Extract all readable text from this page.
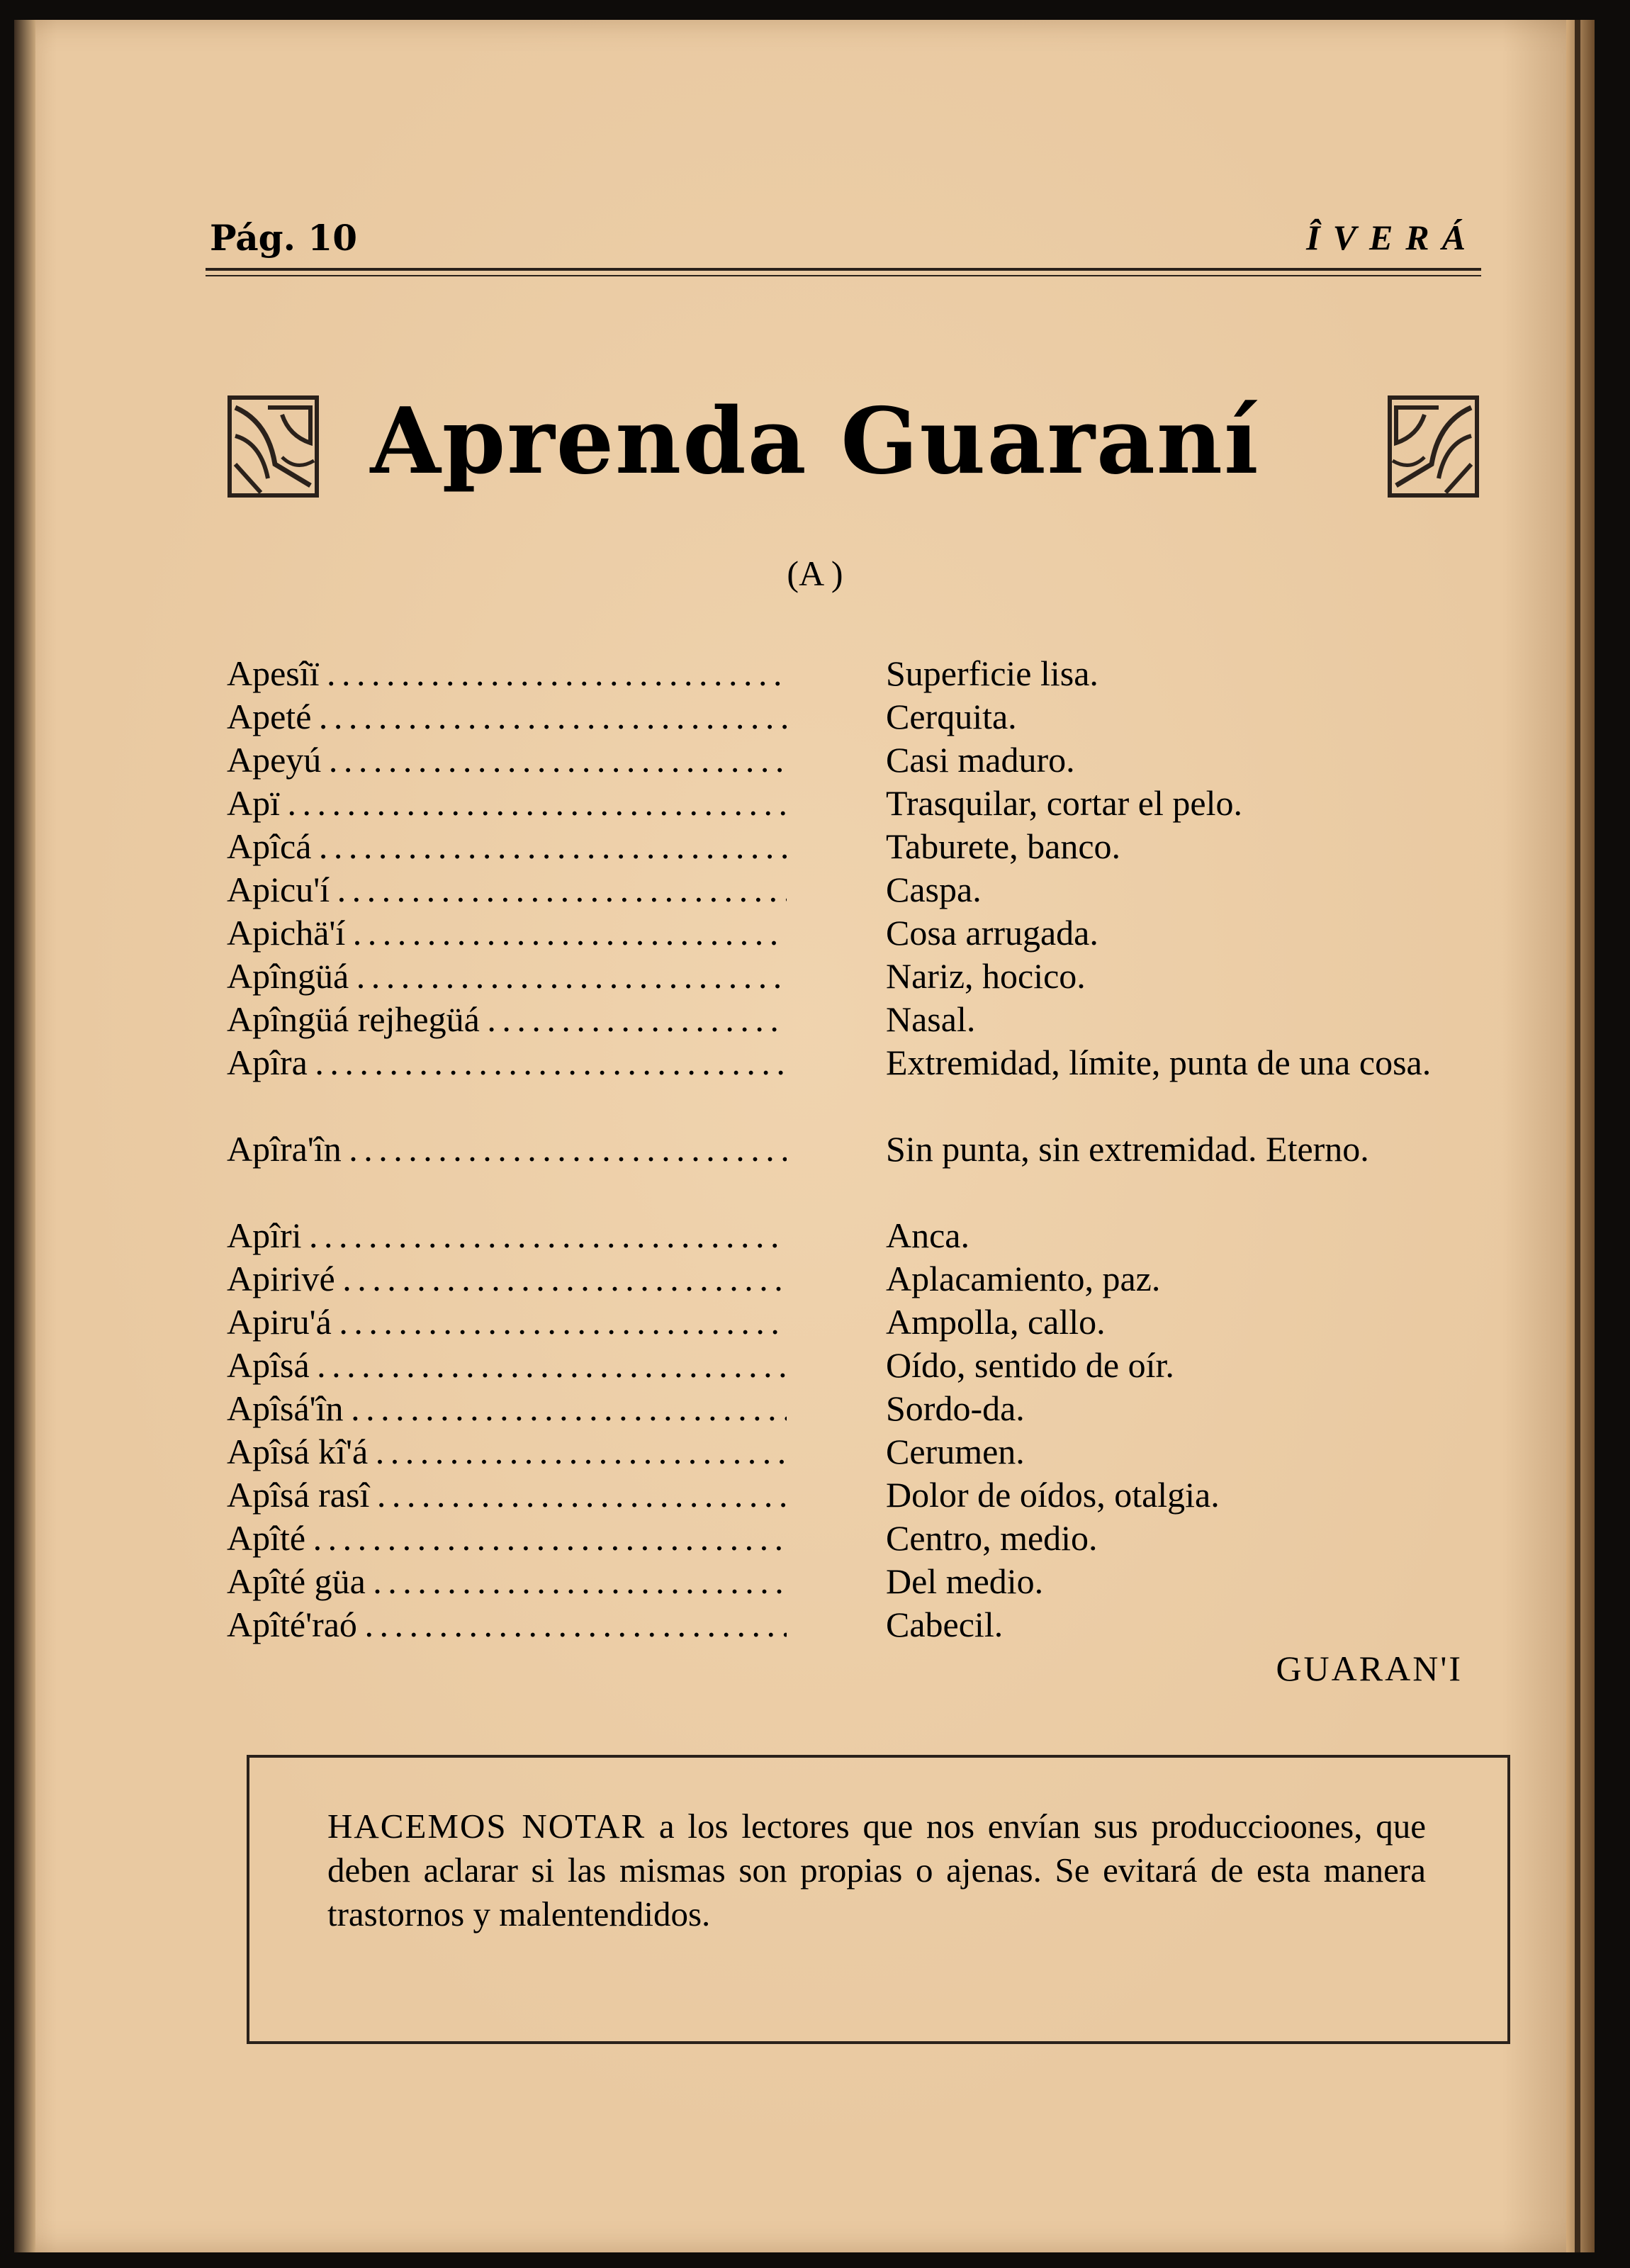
Pág. 10	ÎVERÁ
Aprenda Guaraní
(A )
Apesîï . . .	Superficie lisa.
Apeté . . .	Cerquita.
Apeyú . . .	Casi maduro.
Apï . . .	Trasquilar, cortar el pelo.
Apîcá . . .	Taburete, banco.
Apicu'í . . .	Caspa.
Apichä'í . . .	Cosa arrugada.
Apîngüá . . .	Nariz, hocico.
Apîngüá rejhegüá . . .	Nasal.
Apîra . . .	Extremidad, límite, punta de una cosa.
Apîra'în . . .	Sin punta, sin extremidad. Eterno.
Apîri . . .	Anca.
Apirivé . . .	Aplacamiento, paz.
Apiru'á . . .	Ampolla, callo.
Apîsá . . .	Oído, sentido de oír.
Apîsá'în . . .	Sordo-da.
Apîsá kî'á . . .	Cerumen.
Apîsá rasî . . .	Dolor de oídos, otalgia.
Apîté . . .	Centro, medio.
Apîté güa . . .	Del medio.
Apîté'raó . . .	Cabecil.
GUARAN'I
HACEMOS NOTAR a los lectores que nos envían sus produccioones, que deben aclarar si las mismas son propias o ajenas. Se evitará de esta manera trastornos y malentendidos.
